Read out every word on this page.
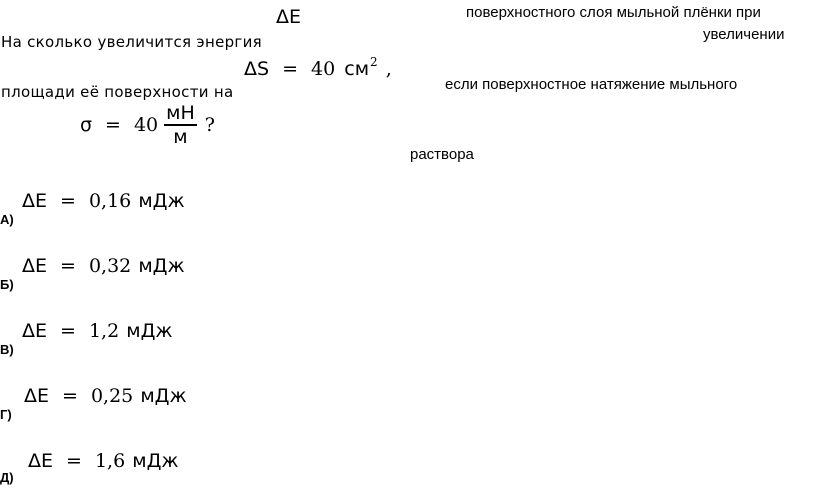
ΔE	поверхностного слоя мыльной плёнки при
увеличении
На сколько увеличится энергия
ΔS = 40 $см^2$ ,
если поверхностное натяжение мыльного
площади её поверхности на
$\sigma = 40 \frac{мН}{м}$ ?
раствора
ΔE = 0,16 мДж
А)
ΔE = 0,32 мДж
Б)
ΔE = 1,2 мДж
В)
ΔE = 0,25 мДж
Г)
ΔE = 1,6 мДж
Д)
